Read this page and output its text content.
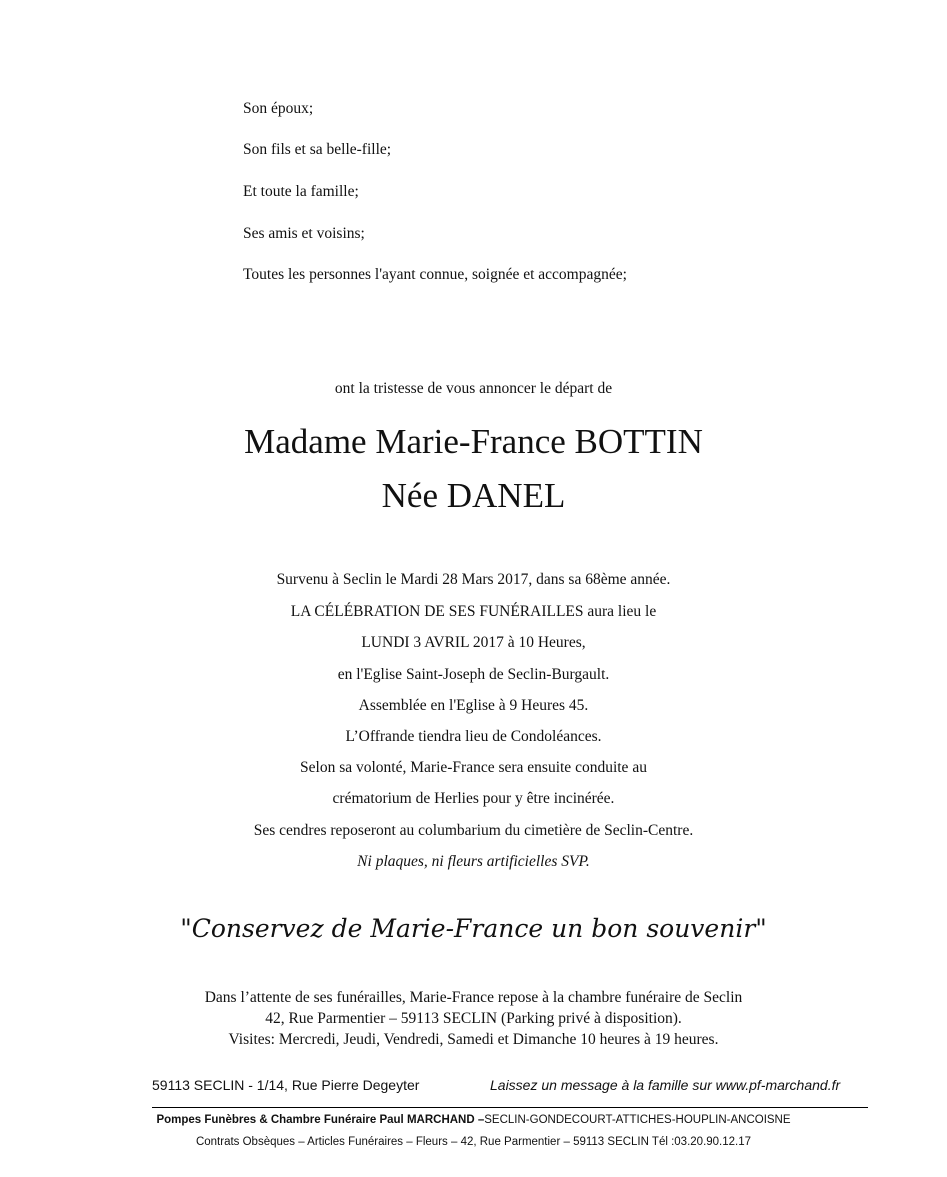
Son époux;
Son fils et sa belle-fille;
Et toute la famille;
Ses amis et voisins;
Toutes les personnes l'ayant connue, soignée et accompagnée;
ont la tristesse de vous annoncer le départ de
Madame Marie-France BOTTIN
Née DANEL
Survenu à Seclin le Mardi 28 Mars 2017, dans sa 68ème année.
LA CÉLÉBRATION DE SES FUNÉRAILLES aura lieu le
LUNDI 3 AVRIL 2017 à 10 Heures,
en l'Eglise Saint-Joseph de Seclin-Burgault.
Assemblée en l'Eglise à 9 Heures 45.
L’Offrande tiendra lieu de Condoléances.
Selon sa volonté, Marie-France sera ensuite conduite au
crématorium de Herlies pour y être incinérée.
Ses cendres reposeront au columbarium du cimetière de Seclin-Centre.
Ni plaques, ni fleurs artificielles SVP.
"Conservez de Marie-France un bon souvenir"
Dans l’attente de ses funérailles, Marie-France repose à la chambre funéraire de Seclin
42, Rue Parmentier – 59113 SECLIN (Parking privé à disposition).
Visites: Mercredi, Jeudi, Vendredi, Samedi et Dimanche 10 heures à 19 heures.
59113 SECLIN - 1/14, Rue Pierre Degeyter	Laissez un message à la famille sur www.pf-marchand.fr
Pompes Funèbres & Chambre Funéraire Paul MARCHAND –SECLIN-GONDECOURT-ATTICHES-HOUPLIN-ANCOISNE
Contrats Obsèques – Articles Funéraires – Fleurs – 42, Rue Parmentier – 59113 SECLIN Tél :03.20.90.12.17
